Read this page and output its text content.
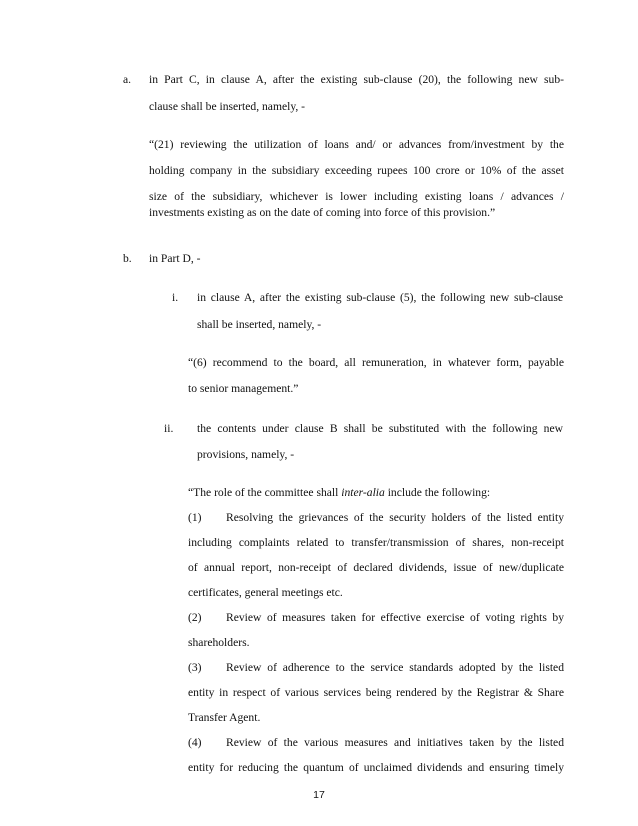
a. in Part C, in clause A, after the existing sub-clause (20), the following new sub-
clause shall be inserted, namely, -
“(21) reviewing the utilization of loans and/ or advances from/investment by the
holding company in the subsidiary exceeding rupees 100 crore or 10% of the asset
size of the subsidiary, whichever is lower including existing loans / advances /
investments existing as on the date of coming into force of this provision.”
b. in Part D, -
i. in clause A, after the existing sub-clause (5), the following new sub-clause
shall be inserted, namely, -
“(6) recommend to the board, all remuneration, in whatever form, payable
to senior management.”
ii. the contents under clause B shall be substituted with the following new
provisions, namely, -
“The role of the committee shall inter-alia include the following:
(1) Resolving the grievances of the security holders of the listed entity
including complaints related to transfer/transmission of shares, non-receipt
of annual report, non-receipt of declared dividends, issue of new/duplicate
certificates, general meetings etc.
(2) Review of measures taken for effective exercise of voting rights by
shareholders.
(3) Review of adherence to the service standards adopted by the listed
entity in respect of various services being rendered by the Registrar & Share
Transfer Agent.
(4) Review of the various measures and initiatives taken by the listed
entity for reducing the quantum of unclaimed dividends and ensuring timely
17
